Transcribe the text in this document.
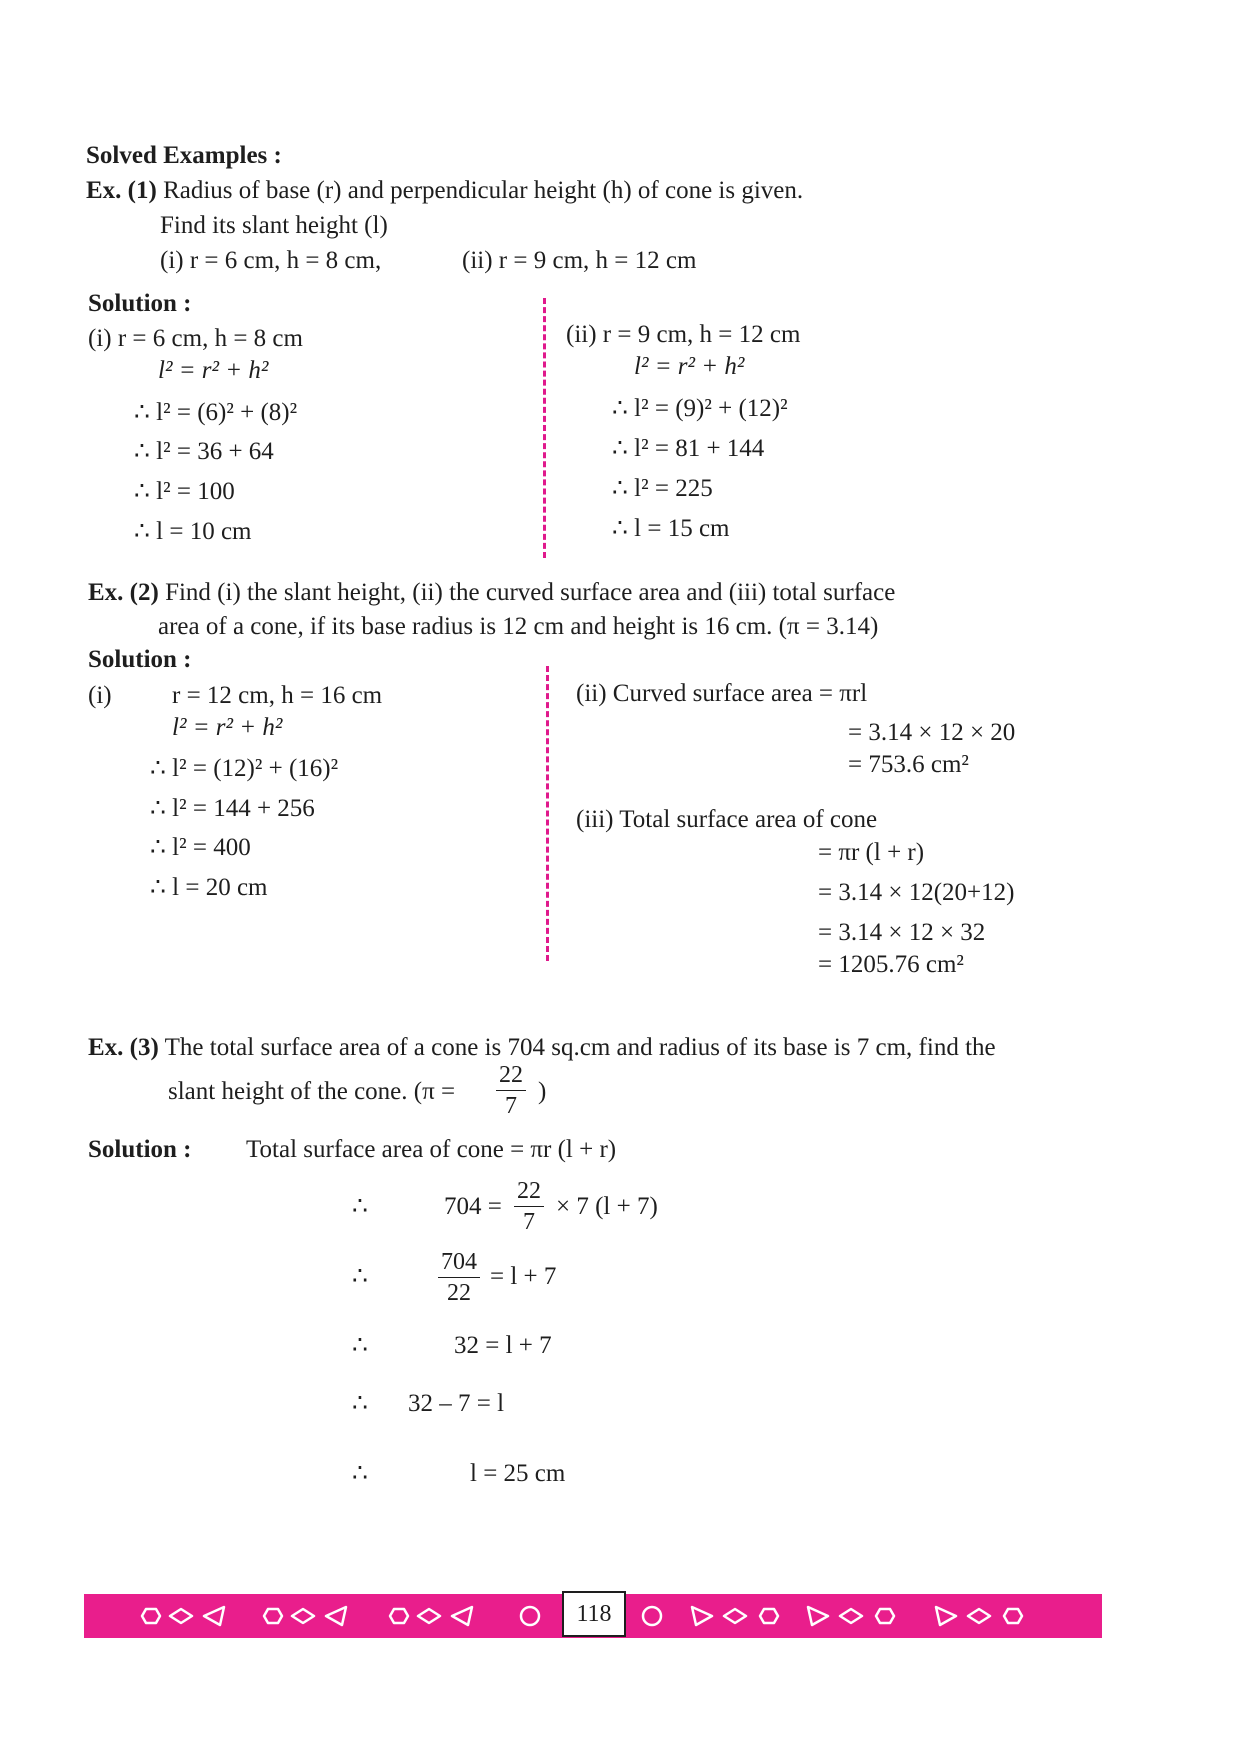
Solved Examples :
Ex. (1) Radius of base (r) and perpendicular height (h) of cone is given.
Find its slant height (l)
(i) r = 6 cm, h = 8 cm,	(ii) r = 9 cm, h = 12 cm
Solution :
(i) r = 6 cm, h = 8 cm
l² = r² + h²
∴ l² = (6)² + (8)²
∴ l² = 36 + 64
∴ l² = 100
∴ l = 10 cm
(ii) r = 9 cm, h = 12 cm
l² = r² + h²
∴ l² = (9)² + (12)²
∴ l² = 81 + 144
∴ l² = 225
∴ l = 15 cm
Ex. (2) Find (i) the slant height, (ii) the curved surface area and (iii) total surface
area of a cone, if its base radius is 12 cm and height is 16 cm. (π = 3.14)
Solution :
(i) r = 12 cm, h = 16 cm
l² = r² + h²
∴ l² = (12)² + (16)²
∴ l² = 144 + 256
∴ l² = 400
∴ l = 20 cm
(ii) Curved surface area = πrl
= 3.14 × 12 × 20
= 753.6 cm²
(iii) Total surface area of cone
= πr (l + r)
= 3.14 × 12(20+12)
= 3.14 × 12 × 32
= 1205.76 cm²
Ex. (3) The total surface area of a cone is 704 sq.cm and radius of its base is 7 cm, find the
slant height of the cone. ($\pi = \frac{22}{7}$ )
Solution : Total surface area of cone = πr (l + r)
∴	$704 = \frac{22}{7} \times 7$ (l + 7)
∴	$\frac{704}{22} = l + 7$
∴	32 = l + 7
∴ 32 – 7 = l
∴	l = 25 cm
118
